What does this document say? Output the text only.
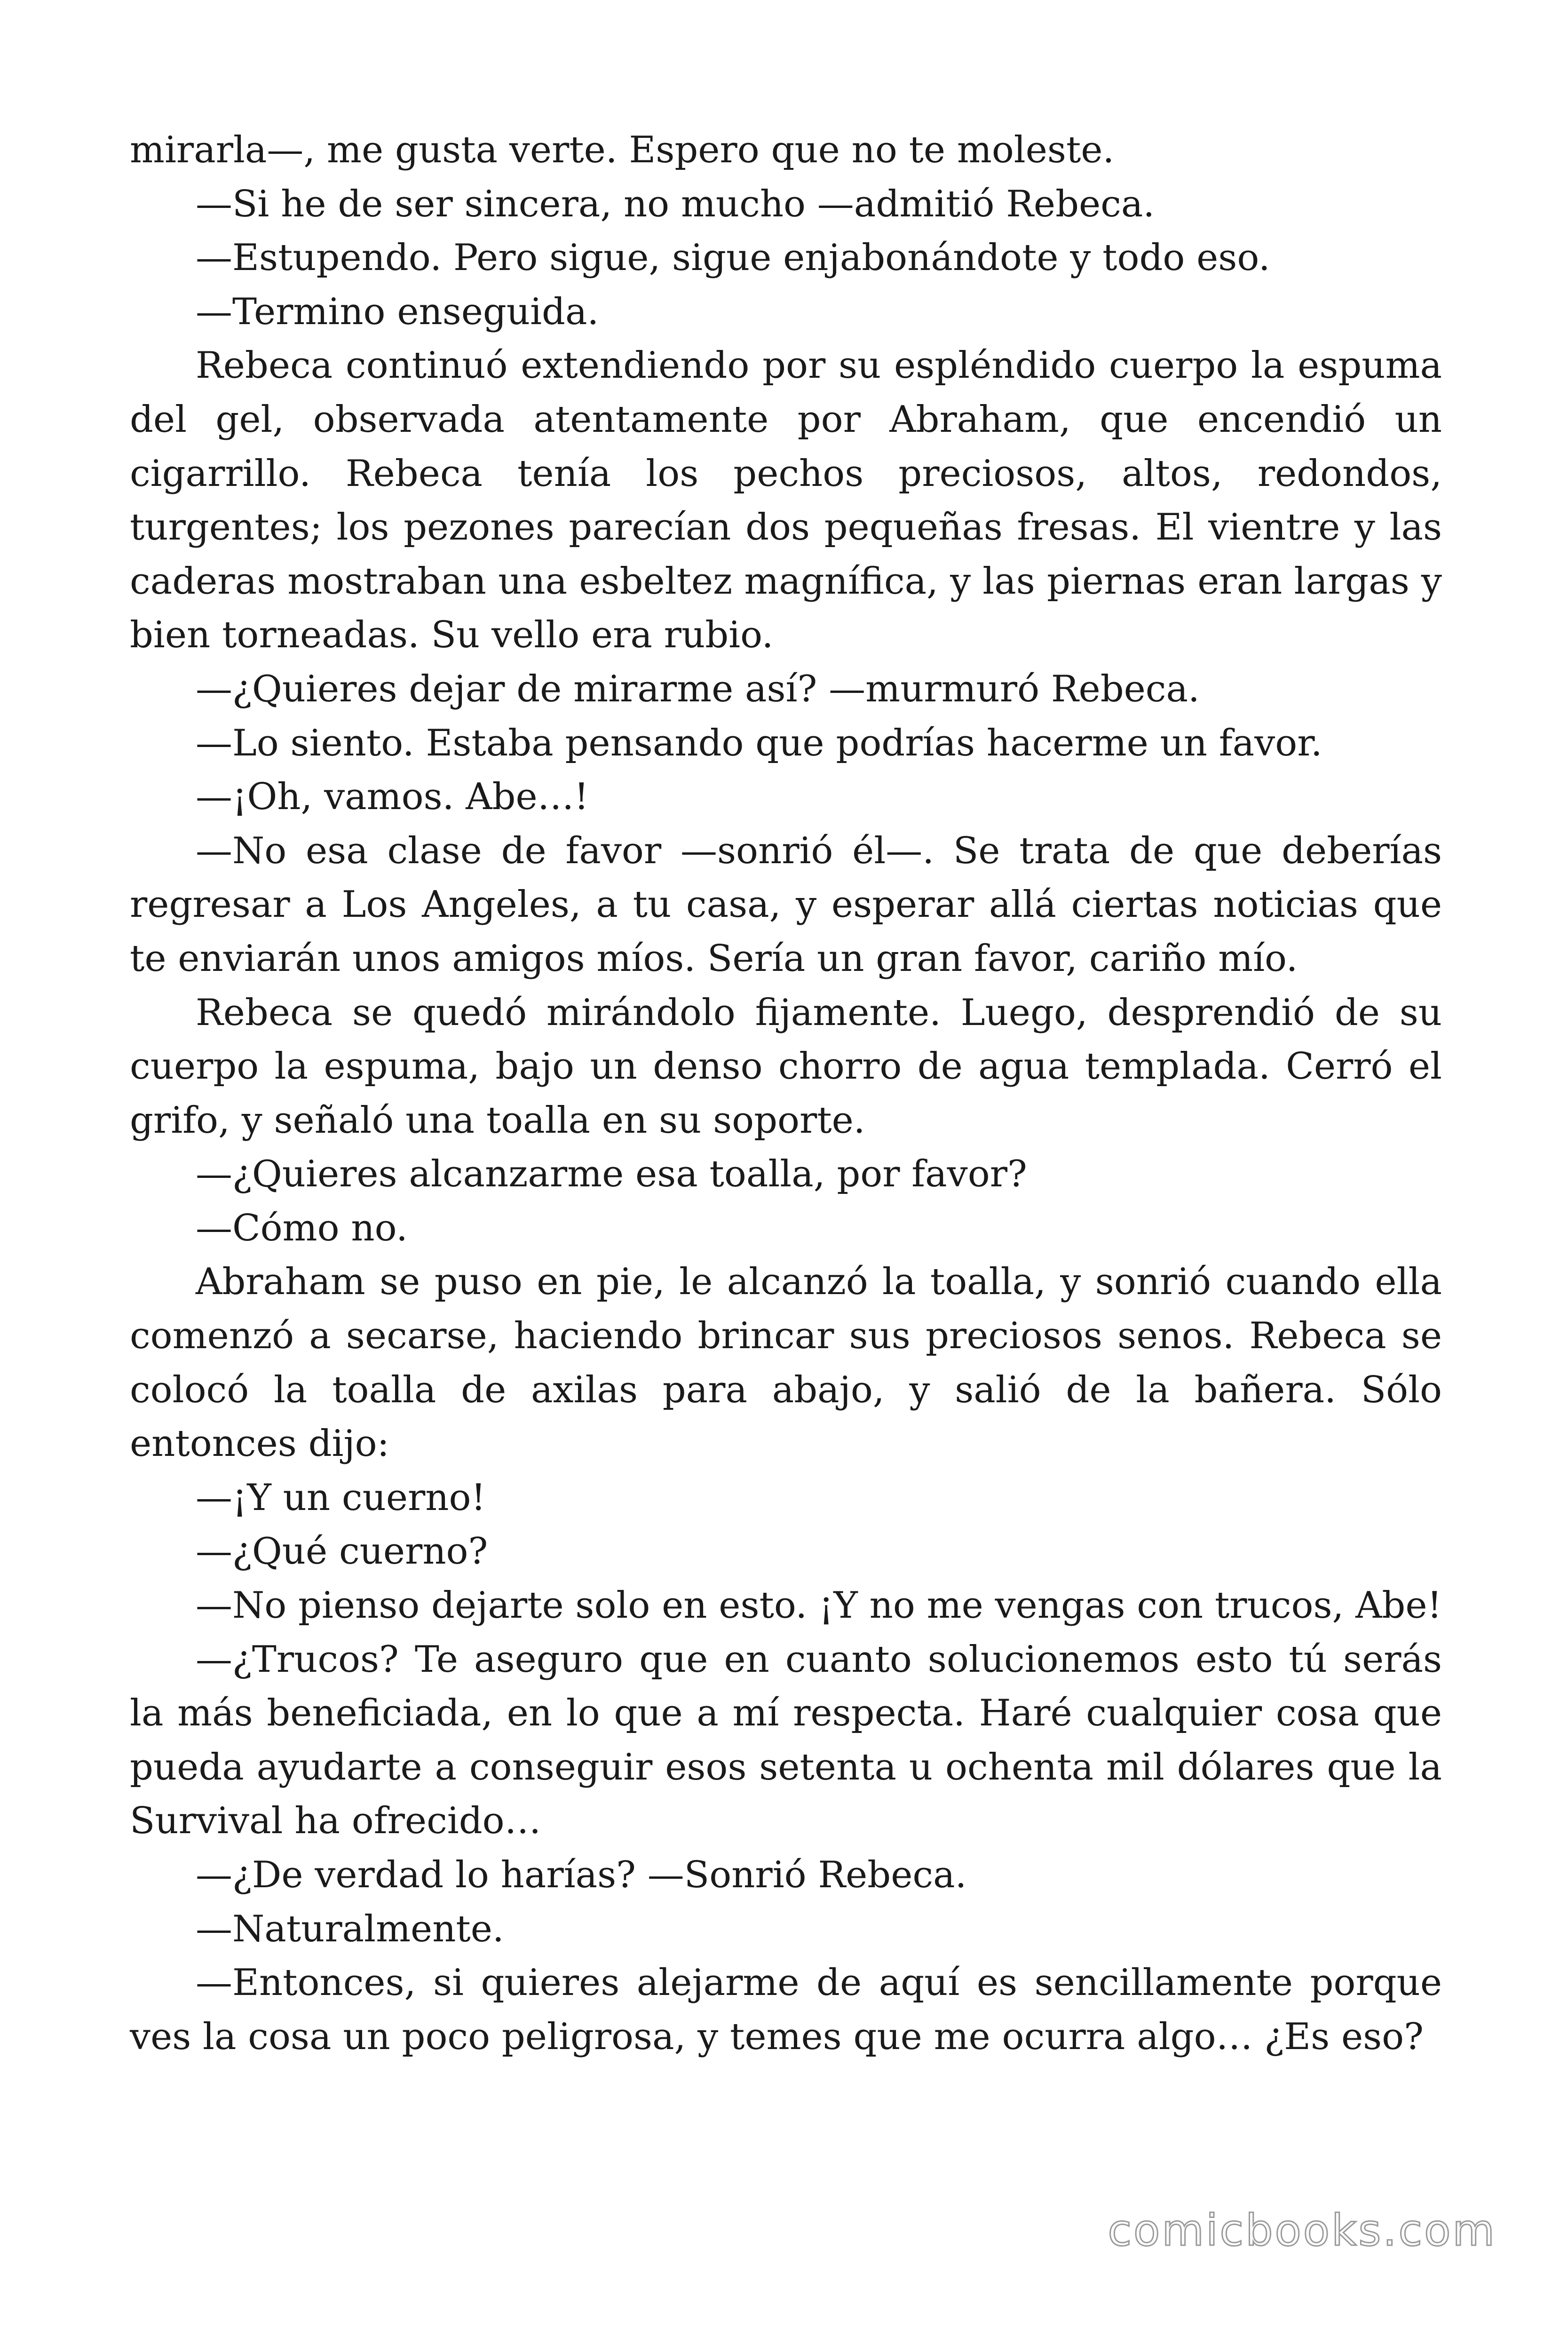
mirarla—, me gusta verte. Espero que no te moleste.

—Si he de ser sincera, no mucho —admitió Rebeca.

—Estupendo. Pero sigue, sigue enjabonándote y todo eso.

—Termino enseguida.

Rebeca continuó extendiendo por su espléndido cuerpo la espuma del gel, observada atentamente por Abraham, que encendió un cigarrillo. Rebeca tenía los pechos preciosos, altos, redondos, turgentes; los pezones parecían dos pequeñas fresas. El vientre y las caderas mostraban una esbeltez magnífica, y las piernas eran largas y bien torneadas. Su vello era rubio.

—¿Quieres dejar de mirarme así? —murmuró Rebeca.

—Lo siento. Estaba pensando que podrías hacerme un favor.

—¡Oh, vamos. Abe…!

—No esa clase de favor —sonrió él—. Se trata de que deberías regresar a Los Angeles, a tu casa, y esperar allá ciertas noticias que te enviarán unos amigos míos. Sería un gran favor, cariño mío.

Rebeca se quedó mirándolo fijamente. Luego, desprendió de su cuerpo la espuma, bajo un denso chorro de agua templada. Cerró el grifo, y señaló una toalla en su soporte.

—¿Quieres alcanzarme esa toalla, por favor?

—Cómo no.

Abraham se puso en pie, le alcanzó la toalla, y sonrió cuando ella comenzó a secarse, haciendo brincar sus preciosos senos. Rebeca se colocó la toalla de axilas para abajo, y salió de la bañera. Sólo entonces dijo:

—¡Y un cuerno!

—¿Qué cuerno?

—No pienso dejarte solo en esto. ¡Y no me vengas con trucos, Abe!

—¿Trucos? Te aseguro que en cuanto solucionemos esto tú serás la más beneficiada, en lo que a mí respecta. Haré cualquier cosa que pueda ayudarte a conseguir esos setenta u ochenta mil dólares que la Survival ha ofrecido…

—¿De verdad lo harías? —Sonrió Rebeca.

—Naturalmente.

—Entonces, si quieres alejarme de aquí es sencillamente porque ves la cosa un poco peligrosa, y temes que me ocurra algo… ¿Es eso?

comicbooks.com
